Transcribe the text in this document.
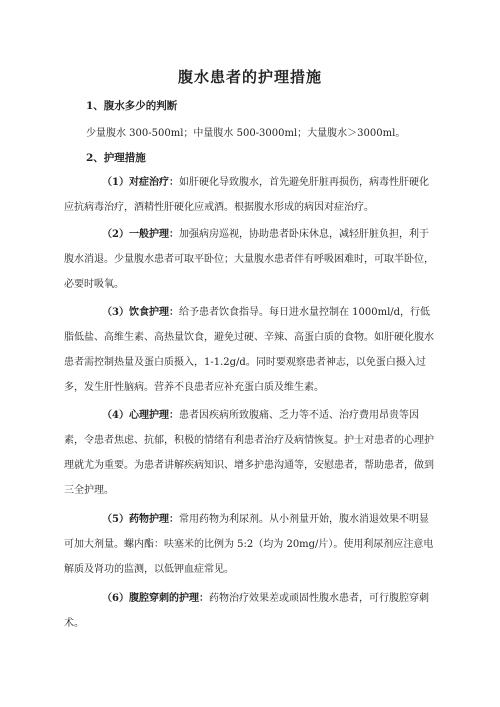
腹水患者的护理措施
1、腹水多少的判断
少量腹水 300-500ml；中量腹水 500-3000ml；大量腹水＞3000ml。
2、护理措施
（1）对症治疗：如肝硬化导致腹水，首先避免肝脏再损伤，病毒性肝硬化应抗病毒治疗，酒精性肝硬化应戒酒。根据腹水形成的病因对症治疗。
（2）一般护理：加强病房巡视，协助患者卧床休息，减轻肝脏负担，利于腹水消退。少量腹水患者可取平卧位；大量腹水患者伴有呼吸困难时，可取半卧位，必要时吸氧。
（3）饮食护理：给予患者饮食指导。每日进水量控制在 1000ml/d，行低脂低盐、高维生素、高热量饮食，避免过硬、辛辣、高蛋白质的食物。如肝硬化腹水患者需控制热量及蛋白质摄入，1-1.2g/d。同时要观察患者神志，以免蛋白摄入过多，发生肝性脑病。营养不良患者应补充蛋白质及维生素。
（4）心理护理：患者因疾病所致腹痛、乏力等不适、治疗费用昂贵等因素，令患者焦虑、抗郁，积极的情绪有利患者治疗及病情恢复。护士对患者的心理护理就尤为重要。为患者讲解疾病知识、增多护患沟通等，安慰患者，帮助患者，做到三全护理。
（5）药物护理：常用药物为利尿剂。从小剂量开始，腹水消退效果不明显可加大剂量。螺内酯：呋塞米的比例为 5:2（均为 20mg/片）。使用利尿剂应注意电解质及肾功的监测，以低钾血症常见。
（6）腹腔穿刺的护理：药物治疗效果差或顽固性腹水患者，可行腹腔穿刺术。
